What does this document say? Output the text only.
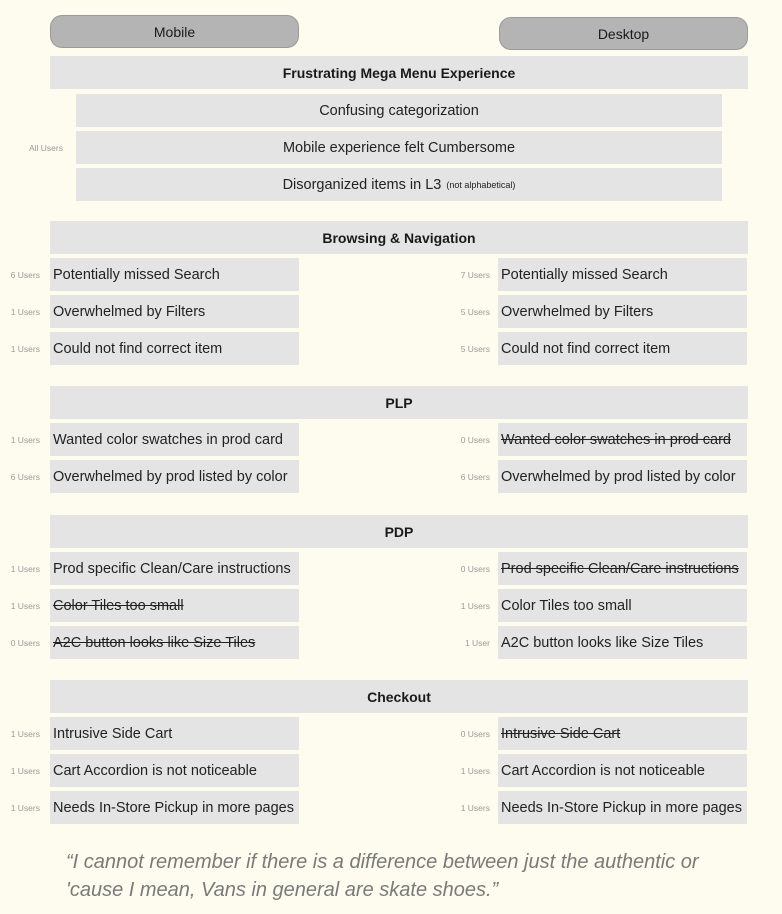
Mobile	Desktop
Frustrating Mega Menu Experience
All Users
Confusing categorization
Mobile experience felt Cumbersome
Disorganized items in L3 (not alphabetical)
Browsing & Navigation
6 Users Potentially missed Search	7 Users Potentially missed Search
1 Users Overwhelmed by Filters	5 Users Overwhelmed by Filters
1 Users Could not find correct item	5 Users Could not find correct item
PLP
1 Users Wanted color swatches in prod card	0 Users Wanted color swatches in prod card
6 Users Overwhelmed by prod listed by color	6 Users Overwhelmed by prod listed by color
PDP
1 Users Prod specific Clean/Care instructions	0 Users Prod specific Clean/Care instructions
1 Users Color Tiles too small	1 Users Color Tiles too small
0 Users A2C button looks like Size Tiles	1 User A2C button looks like Size Tiles
Checkout
1 Users Intrusive Side Cart	0 Users Intrusive Side Cart
1 Users Cart Accordion is not noticeable	1 Users Cart Accordion is not noticeable
1 Users Needs In-Store Pickup in more pages	1 Users Needs In-Store Pickup in more pages
“I cannot remember if there is a difference between just the authentic or 'cause I mean, Vans in general are skate shoes.”
